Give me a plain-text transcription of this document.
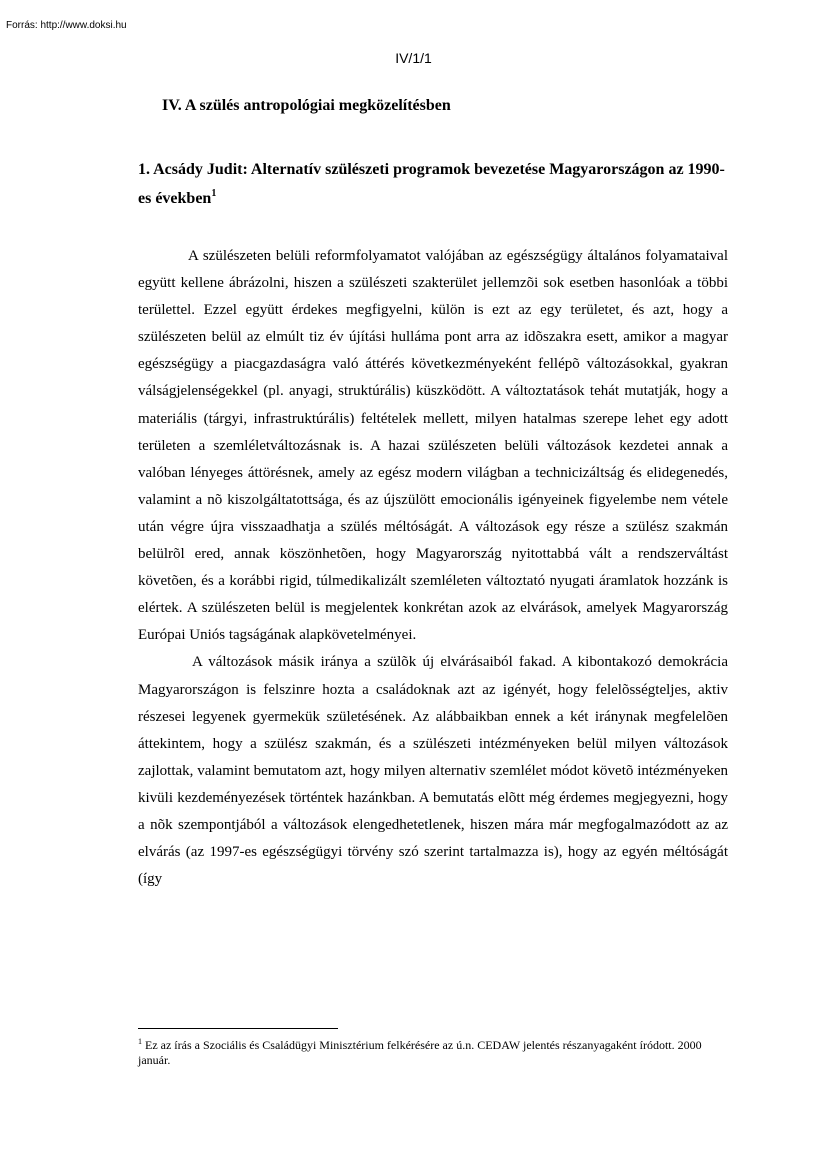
Forrás: http://www.doksi.hu
IV/1/1
IV. A szülés antropológiai megközelítésben
1. Acsády Judit: Alternatív szülészeti programok bevezetése Magyarországon az 1990-es években$^1$

A szülészeten belüli reformfolyamatot valójában az egészségügy általános folyamataival együtt kellene ábrázolni, hiszen a szülészeti szakterület jellemzõi sok esetben hasonlóak a többi területtel. Ezzel együtt érdekes megfigyelni, külön is ezt az egy területet, és azt, hogy a szülészeten belül az elmúlt tiz év újítási hulláma pont arra az idõszakra esett, amikor a magyar egészségügy a piacgazdaságra való áttérés következményeként fellépõ változásokkal, gyakran válságjelenségekkel (pl. anyagi, struktúrális) küszködött. A változtatások tehát mutatják, hogy a materiális (tárgyi, infrastruktúrális) feltételek mellett, milyen hatalmas szerepe lehet egy adott területen a szemléletváltozásnak is. A hazai szülészeten belüli változások kezdetei annak a valóban lényeges áttörésnek, amely az egész modern világban a technicizáltság és elidegenedés, valamint a nõ kiszolgáltatottsága, és az újszülött emocionális igényeinek figyelembe nem vétele után végre újra visszaadhatja a szülés méltóságát. A változások egy része a szülész szakmán belülrõl ered, annak köszönhetõen, hogy Magyarország nyitottabbá vált a rendszerváltást követõen, és a korábbi rigid, túlmedikalizált szemléleten változtató nyugati áramlatok hozzánk is elértek. A szülészeten belül is megjelentek konkrétan azok az elvárások, amelyek Magyarország Európai Uniós tagságának alapkövetelményei.

A változások másik iránya a szülõk új elvárásaiból fakad. A kibontakozó demokrácia Magyarországon is felszinre hozta a családoknak azt az igényét, hogy felelõsségteljes, aktiv részesei legyenek gyermekük születésének. Az alábbaikban ennek a két iránynak megfelelõen áttekintem, hogy a szülész szakmán, és a szülészeti intézményeken belül milyen változások zajlottak, valamint bemutatom azt, hogy milyen alternativ szemlélet módot követõ intézményeken kivüli kezdeményezések történtek hazánkban. A bemutatás elõtt még érdemes megjegyezni, hogy a nõk szempontjából a változások elengedhetetlenek, hiszen mára már megfogalmazódott az az elvárás (az 1997-es egészségügyi törvény szó szerint tartalmazza is), hogy az egyén méltóságát (így

$^1$ Ez az írás a Szociális és Családügyi Minisztérium felkérésére az ú.n. CEDAW jelentés részanyagaként íródott. 2000 január.
